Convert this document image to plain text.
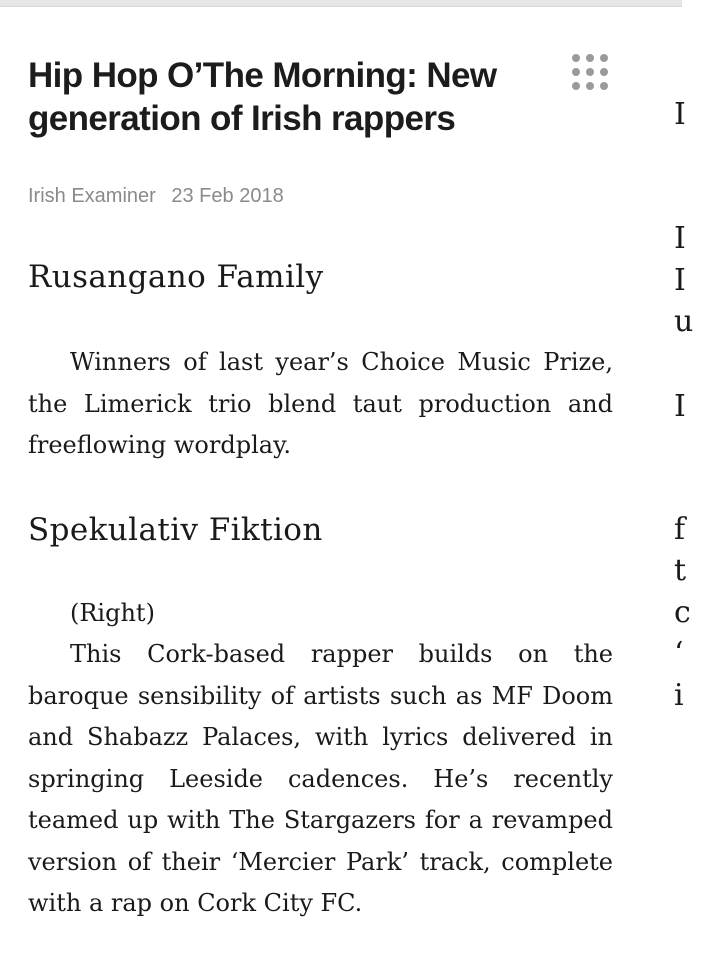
Hip Hop O’The Morning: New generation of Irish rappers
Irish Examiner 23 Feb 2018
Rusangano Family

Winners of last year’s Choice Music Prize, the Limerick trio blend taut production and freeflowing wordplay.

Spekulativ Fiktion

(Right)

This Cork-based rapper builds on the baroque sensibility of artists such as MF Doom and Shabazz Palaces, with lyrics delivered in springing Leeside cadences. He’s recently teamed up with The Stargazers for a revamped version of their ‘Mercier Park’ track, complete with a rap on Cork City FC.

I
I
I
u
I
f
t
c
‘
i
